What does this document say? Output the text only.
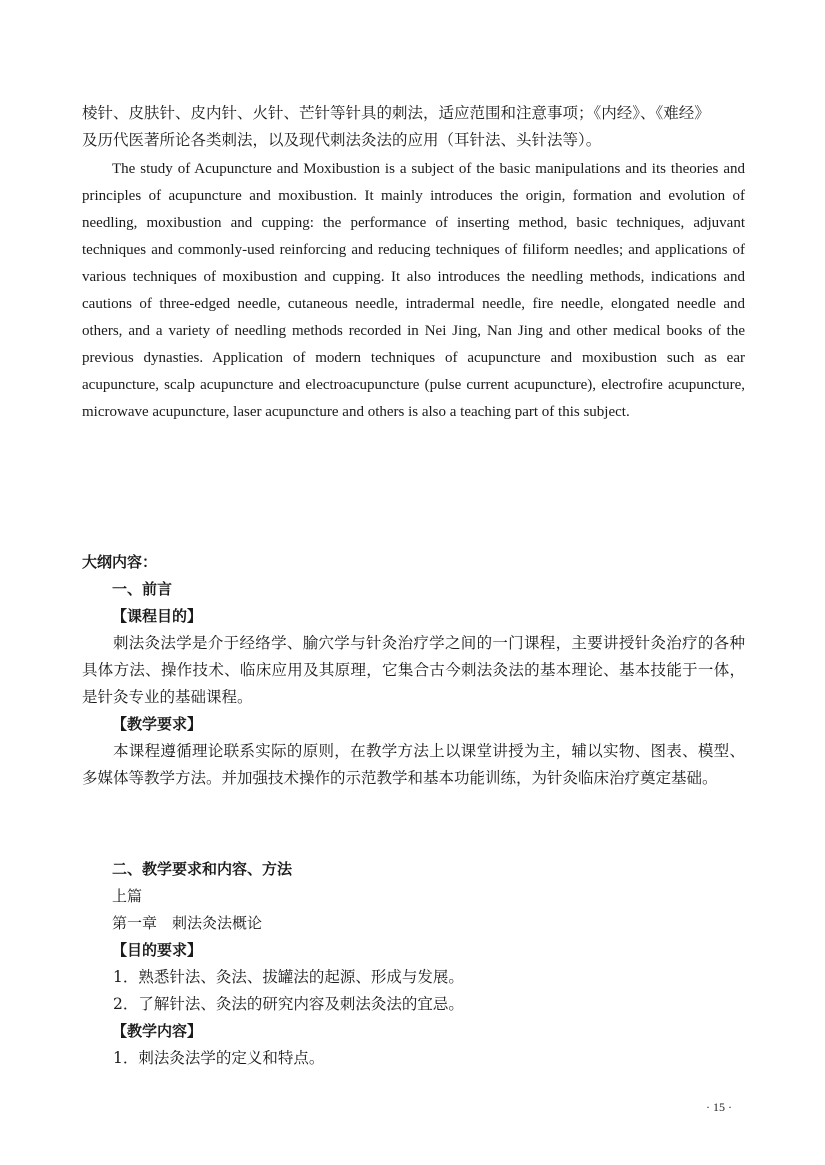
棱针、皮肤针、皮内针、火针、芒针等针具的刺法，适应范围和注意事项；《内经》、《难经》
及历代医著所论各类刺法，以及现代刺法灸法的应用（耳针法、头针法等）。

The study of Acupuncture and Moxibustion is a subject of the basic manipulations and its theories and principles of acupuncture and moxibustion. It mainly introduces the origin, formation and evolution of needling, moxibustion and cupping: the performance of inserting method, basic techniques, adjuvant techniques and commonly-used reinforcing and reducing techniques of filiform needles; and applications of various techniques of moxibustion and cupping. It also introduces the needling methods, indications and cautions of three-edged needle, cutaneous needle, intradermal needle, fire needle, elongated needle and others, and a variety of needling methods recorded in Nei Jing, Nan Jing and other medical books of the previous dynasties. Application of modern techniques of acupuncture and moxibustion such as ear acupuncture, scalp acupuncture and electroacupuncture (pulse current acupuncture), electrofire acupuncture, microwave acupuncture, laser acupuncture and others is also a teaching part of this subject.

大纲内容：
一、前言
【课程目的】

刺法灸法学是介于经络学、腧穴学与针灸治疗学之间的一门课程，主要讲授针灸治疗的各种具体方法、操作技术、临床应用及其原理，它集合古今刺法灸法的基本理论、基本技能于一体，是针灸专业的基础课程。

【教学要求】

本课程遵循理论联系实际的原则，在教学方法上以课堂讲授为主，辅以实物、图表、模型、多媒体等教学方法。并加强技术操作的示范教学和基本功能训练，为针灸临床治疗奠定基础。

二、教学要求和内容、方法
上篇
第一章　刺法灸法概论
【目的要求】
1．熟悉针法、灸法、拔罐法的起源、形成与发展。
2．了解针法、灸法的研究内容及刺法灸法的宜忌。
【教学内容】
1．刺法灸法学的定义和特点。
· 15 ·
